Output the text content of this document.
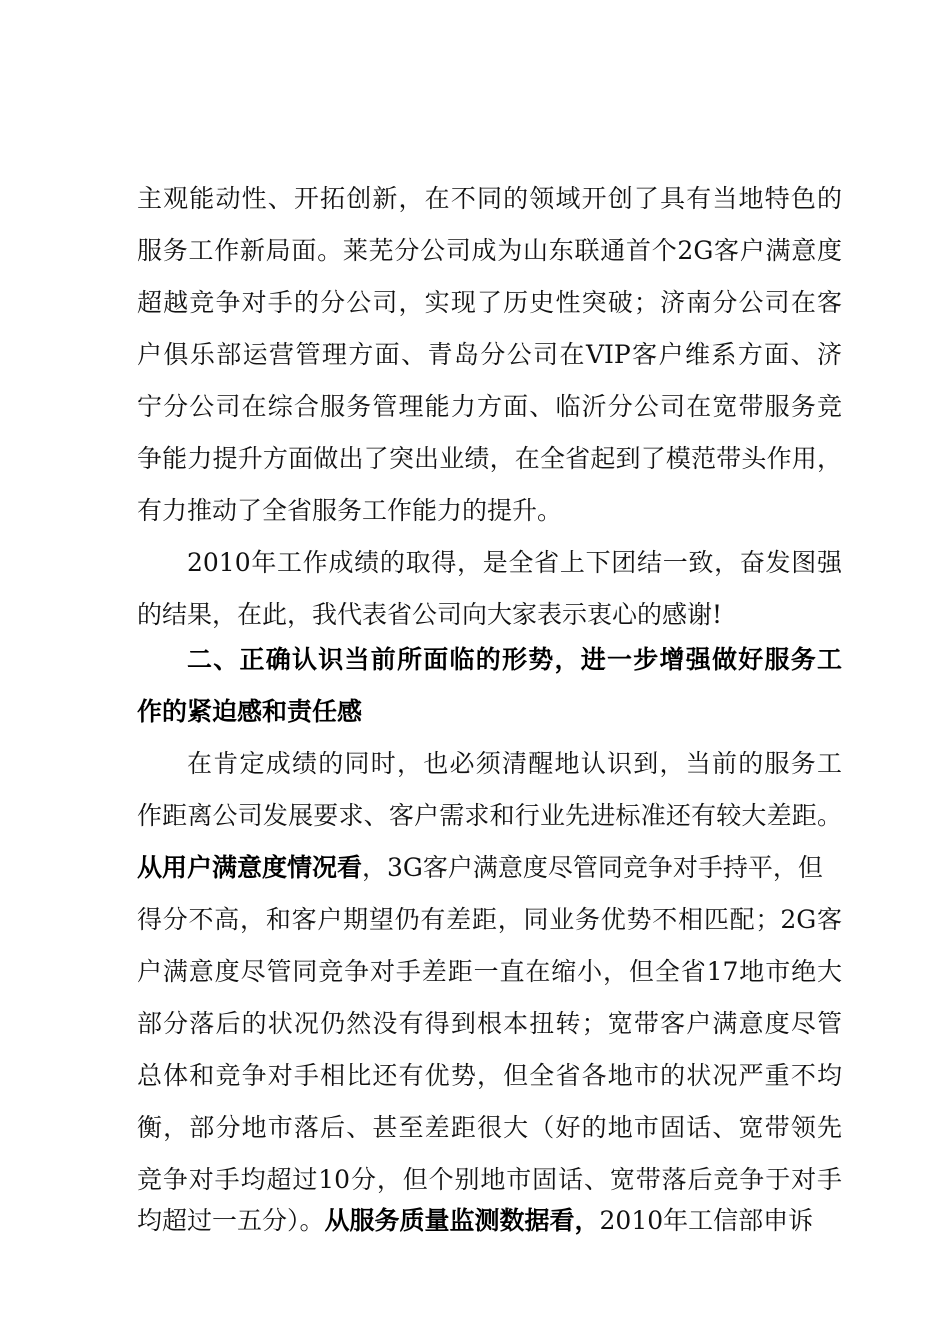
主观能动性、开拓创新，在不同的领域开创了具有当地特色的
服务工作新局面。莱芜分公司成为山东联通首个2G客户满意度
超越竞争对手的分公司，实现了历史性突破；济南分公司在客
户俱乐部运营管理方面、青岛分公司在VIP客户维系方面、济
宁分公司在综合服务管理能力方面、临沂分公司在宽带服务竞
争能力提升方面做出了突出业绩，在全省起到了模范带头作用，
有力推动了全省服务工作能力的提升。
2010年工作成绩的取得，是全省上下团结一致，奋发图强
的结果，在此，我代表省公司向大家表示衷心的感谢!
二、正确认识当前所面临的形势，进一步增强做好服务工
作的紧迫感和责任感
在肯定成绩的同时，也必须清醒地认识到，当前的服务工
作距离公司发展要求、客户需求和行业先进标准还有较大差距。
从用户满意度情况看，3G客户满意度尽管同竞争对手持平，但
得分不高，和客户期望仍有差距，同业务优势不相匹配；2G客
户满意度尽管同竞争对手差距一直在缩小，但全省17地市绝大
部分落后的状况仍然没有得到根本扭转；宽带客户满意度尽管
总体和竞争对手相比还有优势，但全省各地市的状况严重不均
衡，部分地市落后、甚至差距很大（好的地市固话、宽带领先
竞争对手均超过10分，但个别地市固话、宽带落后竞争于对手
均超过一五分）。从服务质量监测数据看，2010年工信部申诉
